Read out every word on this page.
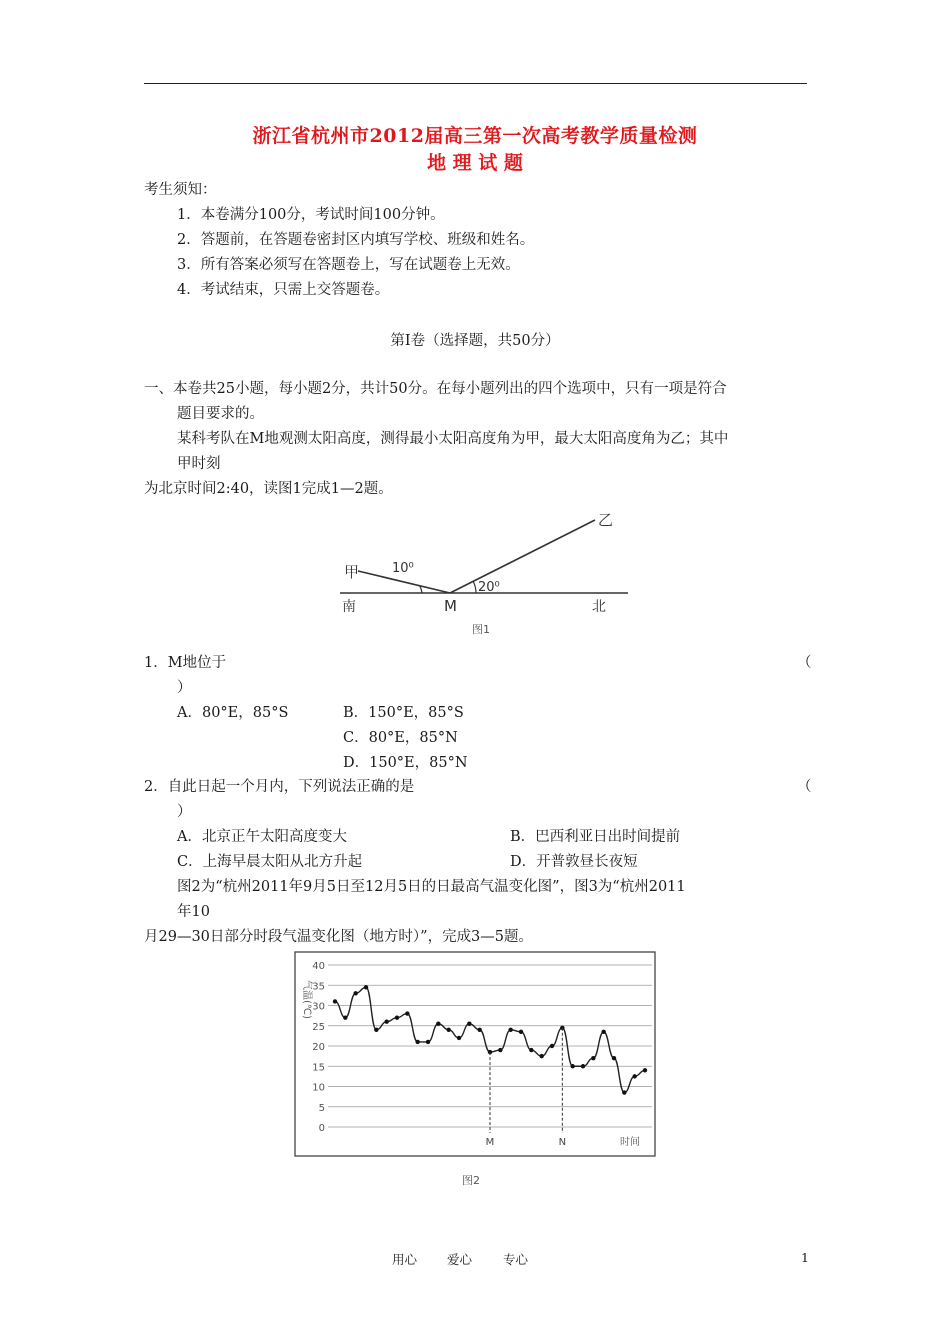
浙江省杭州市2012届高三第一次高考教学质量检测
地 理 试 题
考生须知：
1．本卷满分100分，考试时间100分钟。
2．答题前，在答题卷密封区内填写学校、班级和姓名。
3．所有答案必须写在答题卷上，写在试题卷上无效。
4．考试结束，只需上交答题卷。
第Ⅰ卷（选择题，共50分）
一、本卷共25小题，每小题2分，共计50分。在每小题列出的四个选项中，只有一项是符合
题目要求的。
某科考队在M地观测太阳高度，测得最小太阳高度角为甲，最大太阳高度角为乙；其中
甲时刻
为北京时间2:40，读图1完成1—2题。
甲
乙
10⁰
20⁰
南	北
M
图1
1．M地位于	（
）
A．80°E，85°S	B．150°E，85°S
C．80°E，85°N
D．150°E，85°N
2．自此日起一个月内，下列说法正确的是	（
）
A．北京正午太阳高度变大	B．巴西利亚日出时间提前
C．上海早晨太阳从北方升起	D．开普敦昼长夜短
图2为“杭州2011年9月5日至12月5日的日最高气温变化图”，图3为“杭州2011
年10
月29—30日部分时段气温变化图（地方时）”，完成3—5题。
0
5
10
15
20
25
30
35
40
M	N
气温(℃)
时间
图2
用心 爱心 专心	1
